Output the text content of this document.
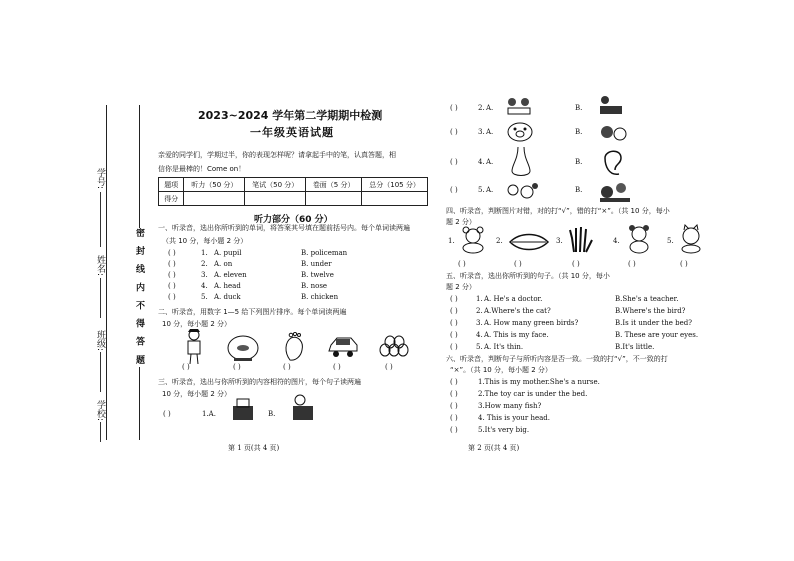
学号:
姓名:
班级:
学校:
密 封 线 内 不 得 答 题
2023~2024 学年第二学期期中检测
一年级英语试题
亲爱的同学们，学期过半，你的表现怎样呢？请拿起手中的笔，认真答题，相信你是最棒的！Come on！
题项	听力（50 分）	笔试（50 分）	卷面（5 分）	总分（105 分）
得分				
听力部分（60 分）
一、听录音，选出你所听到的单词，将答案其号填在题前括号内。每个单词读两遍
（共 10 分，每小题 2 分）
( )	1. A. pupil	B. policeman
( )	2. A. on	B. under
( )	3. A. eleven	B. twelve
( )	4. A. head	B. nose
( )	5. A. duck	B. chicken
二、听录音，用数字 1—5 给下列图片排序。每个单词读两遍
10 分，每小题 2 分）
( )	( )	( )	( )	( )
三、听录音，选出与你所听到的内容相符的图片，每个句子读两遍
10 分，每小题 2 分）
( )	1.A.	B.
第 1 页(共 4 页)
( )	2. A.	B.
( )	3. A.	B.
( )	4. A.	B.
( )	5. A.	B.
四、听录音，判断图片对错，对的打“√”，错的打“×”。（共 10 分，每小
题 2 分）
1.	2.	3.	4.	5.
( )	( )	( )	( )	( )
五、听录音，选出你所听到的句子。（共 10 分，每小
题 2 分）
( )	1. A. He's a doctor.	B.She's a teacher.
( )	2. A.Where's the cat?	B.Where's the bird?
( )	3. A. How many green birds?	B.Is it under the bed?
( )	4. A. This is my face.	B. These are your eyes.
( )	5. A. It's thin.	B.It's little.
六、听录音，判断句子与所听内容是否一致。一致的打“√”，不一致的打
“×”。（共 10 分，每小题 2 分）
( )	1.This is my mother.She's a nurse.
( )	2.The toy car is under the bed.
( )	3.How many fish?
( )	4. This is your head.
( )	5.It's very big.
第 2 页(共 4 页)
